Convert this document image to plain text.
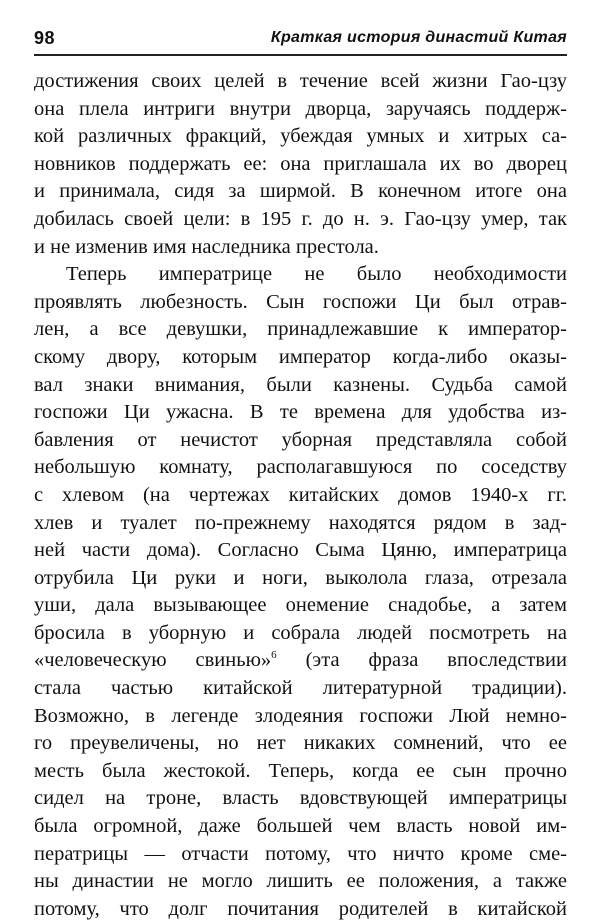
98	Краткая история династий Китая
достижения своих целей в течение всей жизни Гао-цзу
она плела интриги внутри дворца, заручаясь поддерж-
кой различных фракций, убеждая умных и хитрых са-
новников поддержать ее: она приглашала их во дворец
и принимала, сидя за ширмой. В конечном итоге она
добилась своей цели: в 195 г. до н. э. Гао-цзу умер, так
и не изменив имя наследника престола.
Теперь императрице не было необходимости
проявлять любезность. Сын госпожи Ци был отрав-
лен, а все девушки, принадлежавшие к император-
скому двору, которым император когда-либо оказы-
вал знаки внимания, были казнены. Судьба самой
госпожи Ци ужасна. В те времена для удобства из-
бавления от нечистот уборная представляла собой
небольшую комнату, располагавшуюся по соседству
с хлевом (на чертежах китайских домов 1940-х гг.
хлев и туалет по-прежнему находятся рядом в зад-
ней части дома). Согласно Сыма Цяню, императрица
отрубила Ци руки и ноги, выколола глаза, отрезала
уши, дала вызывающее онемение снадобье, а затем
бросила в уборную и собрала людей посмотреть на
«человеческую свинью»$^6$ (эта фраза впоследствии
стала частью китайской литературной традиции).
Возможно, в легенде злодеяния госпожи Люй немно-
го преувеличены, но нет никаких сомнений, что ее
месть была жестокой. Теперь, когда ее сын прочно
сидел на троне, власть вдовствующей императрицы
была огромной, даже большей чем власть новой им-
ператрицы — отчасти потому, что ничто кроме сме-
ны династии не могло лишить ее положения, а также
потому, что долг почитания родителей в китайской
